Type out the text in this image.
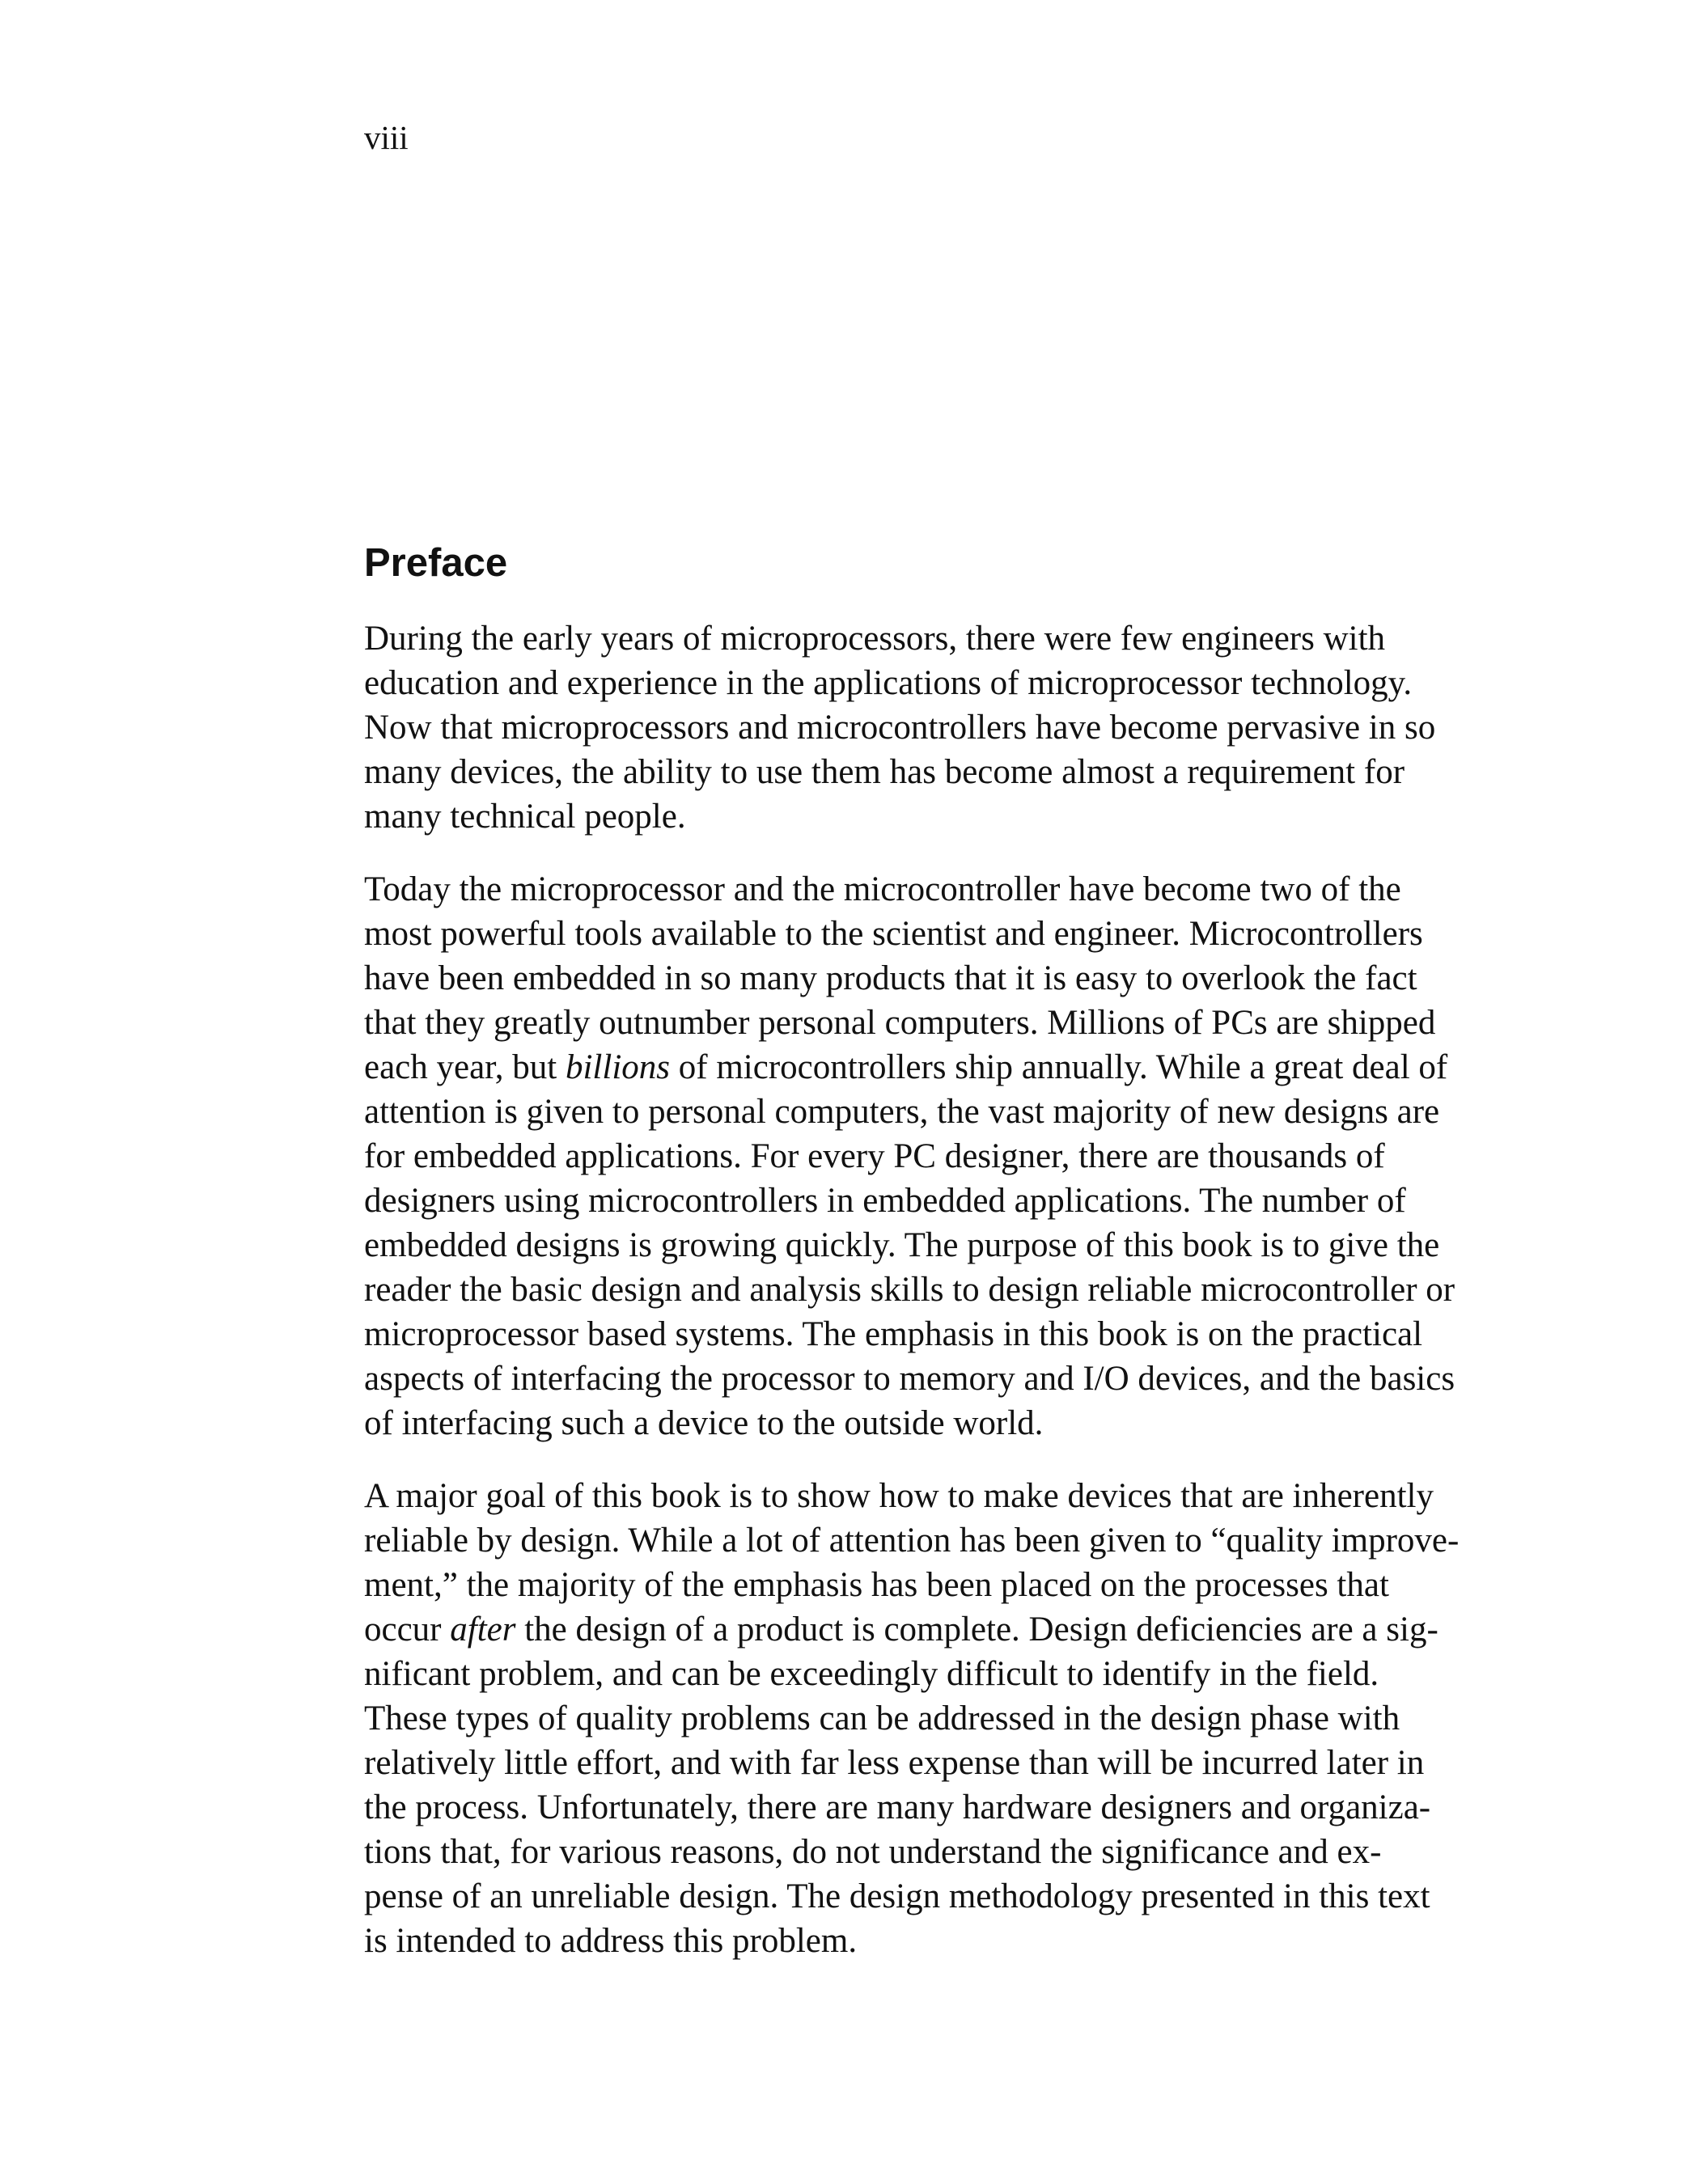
viii

Preface

During the early years of microprocessors, there were few engineers with
education and experience in the applications of microprocessor technology.
Now that microprocessors and microcontrollers have become pervasive in so
many devices, the ability to use them has become almost a requirement for
many technical people.

Today the microprocessor and the microcontroller have become two of the
most powerful tools available to the scientist and engineer. Microcontrollers
have been embedded in so many products that it is easy to overlook the fact
that they greatly outnumber personal computers. Millions of PCs are shipped
each year, but billions of microcontrollers ship annually. While a great deal of
attention is given to personal computers, the vast majority of new designs are
for embedded applications. For every PC designer, there are thousands of
designers using microcontrollers in embedded applications. The number of
embedded designs is growing quickly. The purpose of this book is to give the
reader the basic design and analysis skills to design reliable microcontroller or
microprocessor based systems. The emphasis in this book is on the practical
aspects of interfacing the processor to memory and I/O devices, and the basics
of interfacing such a device to the outside world.

A major goal of this book is to show how to make devices that are inherently
reliable by design. While a lot of attention has been given to “quality improve-
ment,” the majority of the emphasis has been placed on the processes that
occur after the design of a product is complete. Design deficiencies are a sig-
nificant problem, and can be exceedingly difficult to identify in the field.
These types of quality problems can be addressed in the design phase with
relatively little effort, and with far less expense than will be incurred later in
the process. Unfortunately, there are many hardware designers and organiza-
tions that, for various reasons, do not understand the significance and ex-
pense of an unreliable design. The design methodology presented in this text
is intended to address this problem.
